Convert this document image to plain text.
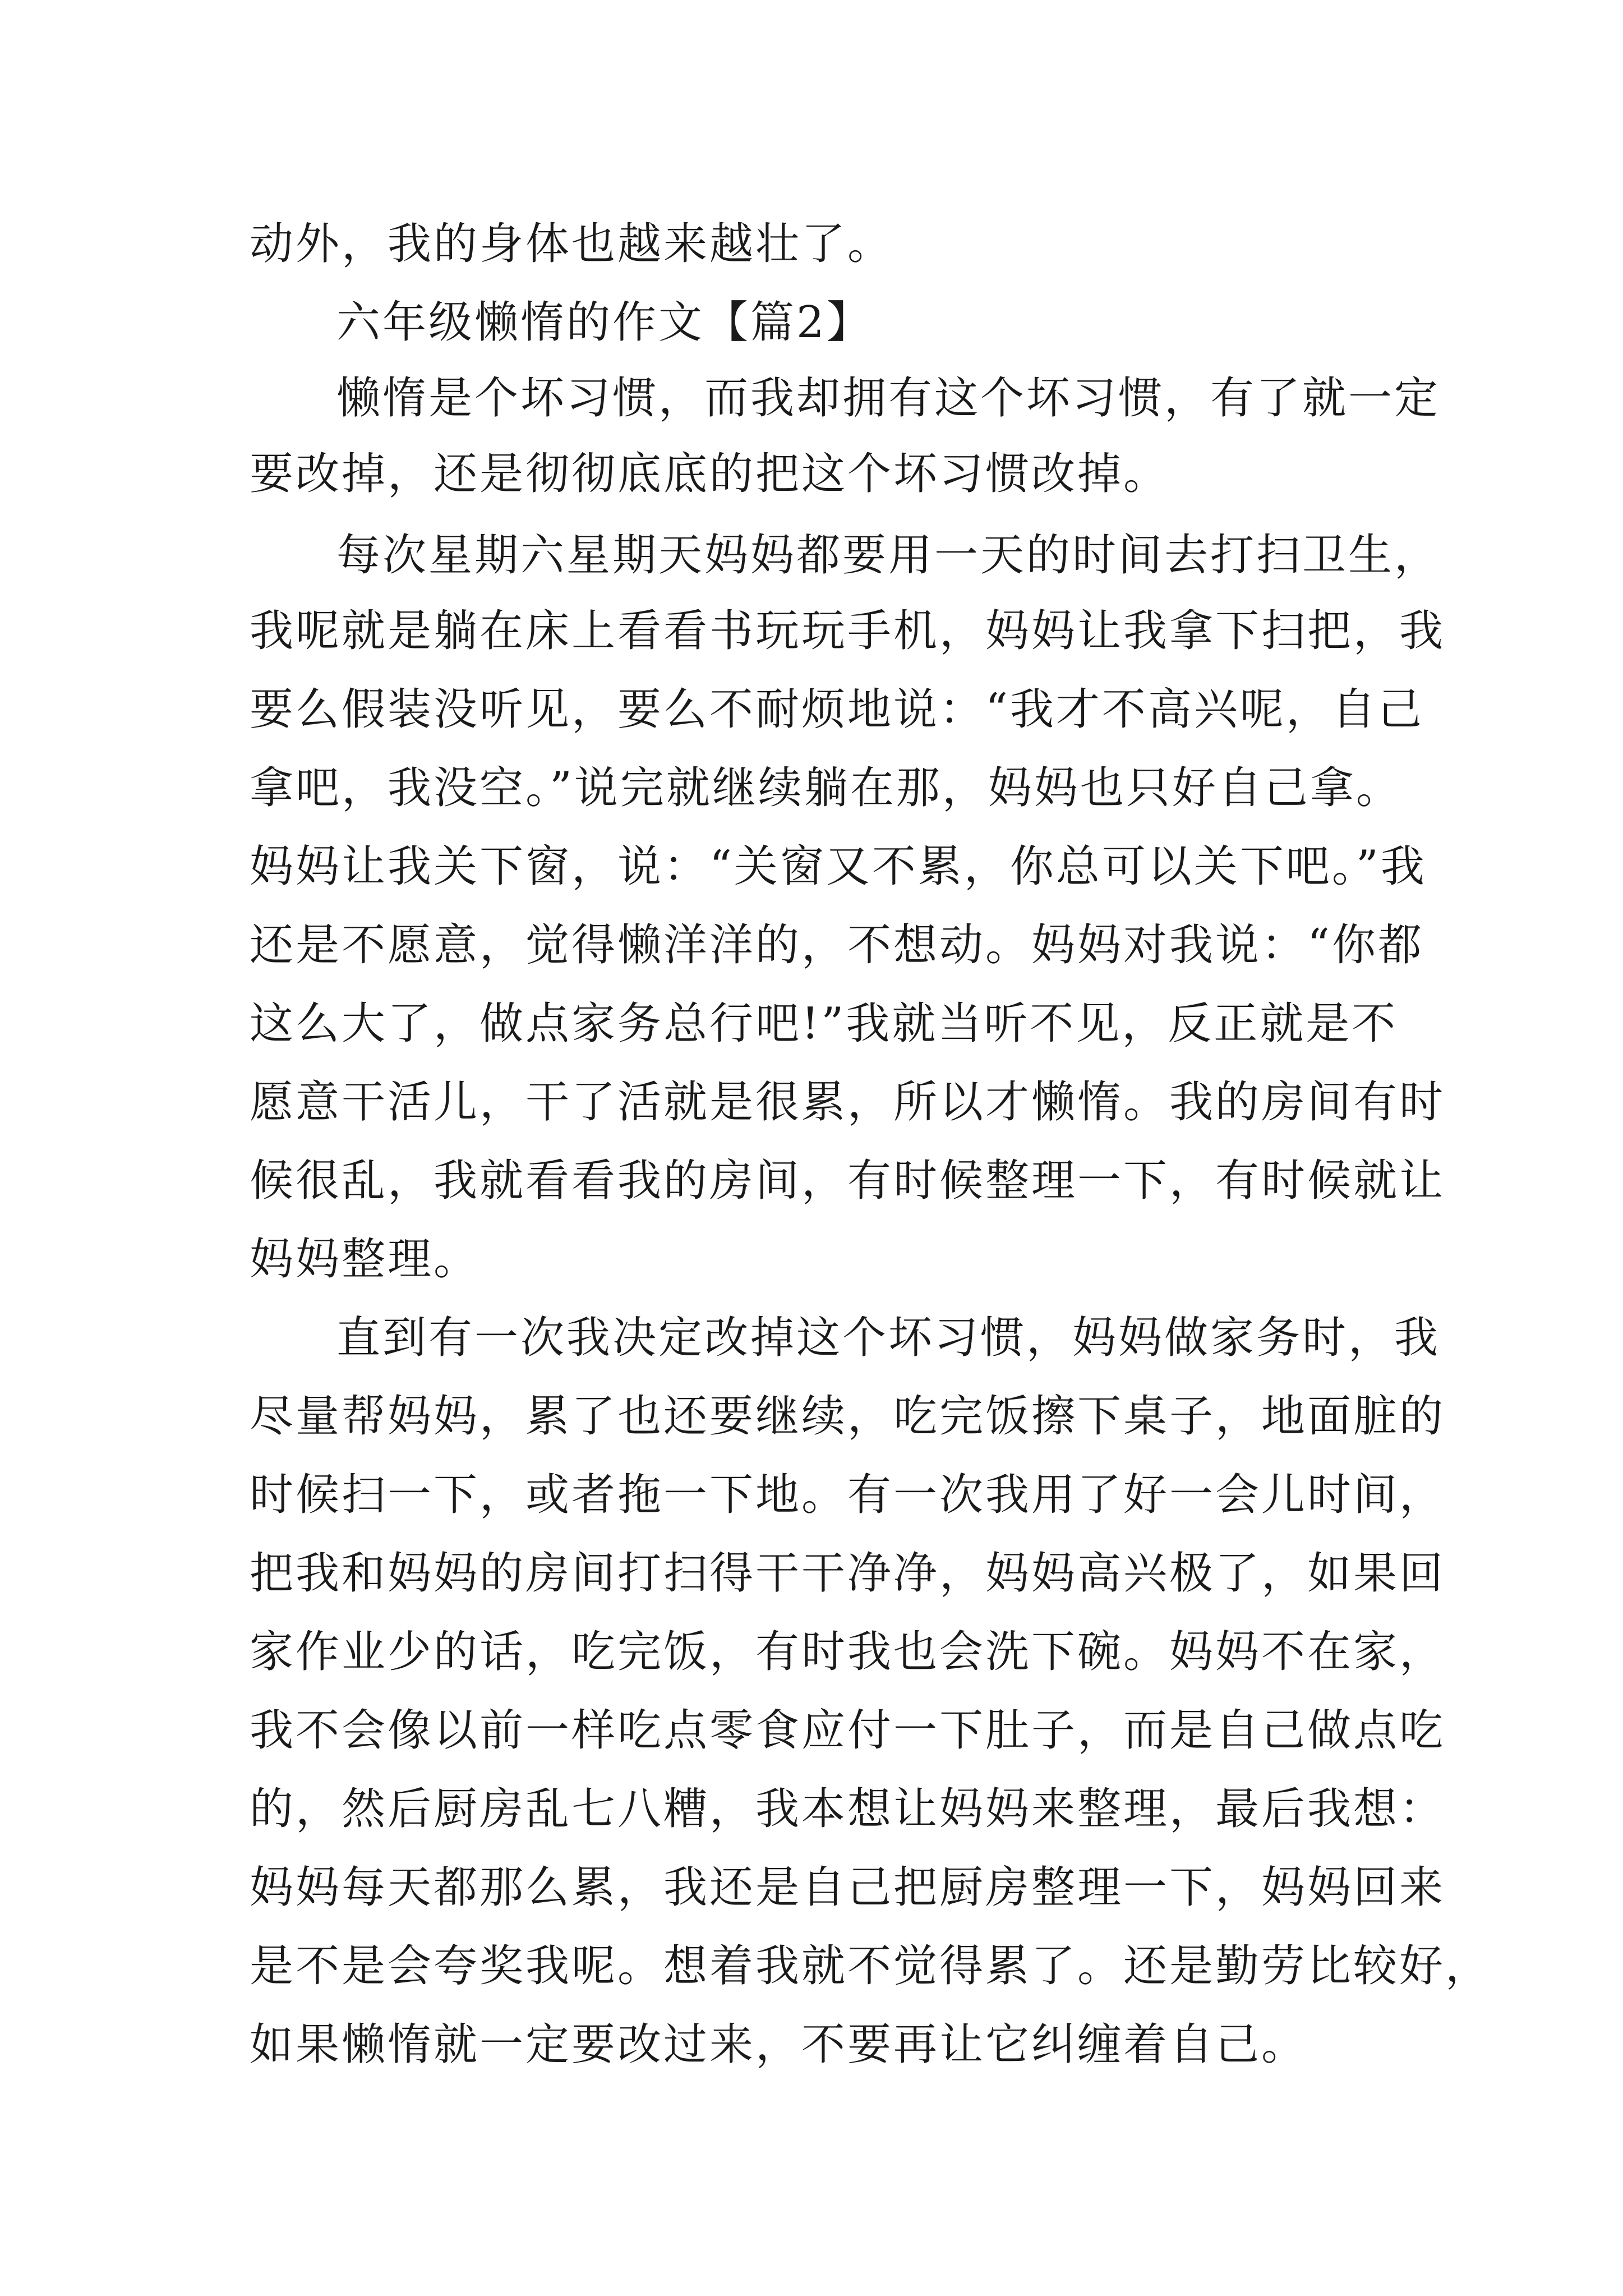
动外，我的身体也越来越壮了。
六年级懒惰的作文【篇2】
懒惰是个坏习惯，而我却拥有这个坏习惯，有了就一定
要改掉，还是彻彻底底的把这个坏习惯改掉。
每次星期六星期天妈妈都要用一天的时间去打扫卫生，
我呢就是躺在床上看看书玩玩手机，妈妈让我拿下扫把，我
要么假装没听见，要么不耐烦地说：“我才不高兴呢，自己
拿吧，我没空。”说完就继续躺在那，妈妈也只好自己拿。
妈妈让我关下窗，说：“关窗又不累，你总可以关下吧。”我
还是不愿意，觉得懒洋洋的，不想动。妈妈对我说：“你都
这么大了，做点家务总行吧!”我就当听不见，反正就是不
愿意干活儿，干了活就是很累，所以才懒惰。我的房间有时
候很乱，我就看看我的房间，有时候整理一下，有时候就让
妈妈整理。
直到有一次我决定改掉这个坏习惯，妈妈做家务时，我
尽量帮妈妈，累了也还要继续，吃完饭擦下桌子，地面脏的
时候扫一下，或者拖一下地。有一次我用了好一会儿时间，
把我和妈妈的房间打扫得干干净净，妈妈高兴极了，如果回
家作业少的话，吃完饭，有时我也会洗下碗。妈妈不在家，
我不会像以前一样吃点零食应付一下肚子，而是自己做点吃
的，然后厨房乱七八糟，我本想让妈妈来整理，最后我想：
妈妈每天都那么累，我还是自己把厨房整理一下，妈妈回来
是不是会夸奖我呢。想着我就不觉得累了。还是勤劳比较好，
如果懒惰就一定要改过来，不要再让它纠缠着自己。
